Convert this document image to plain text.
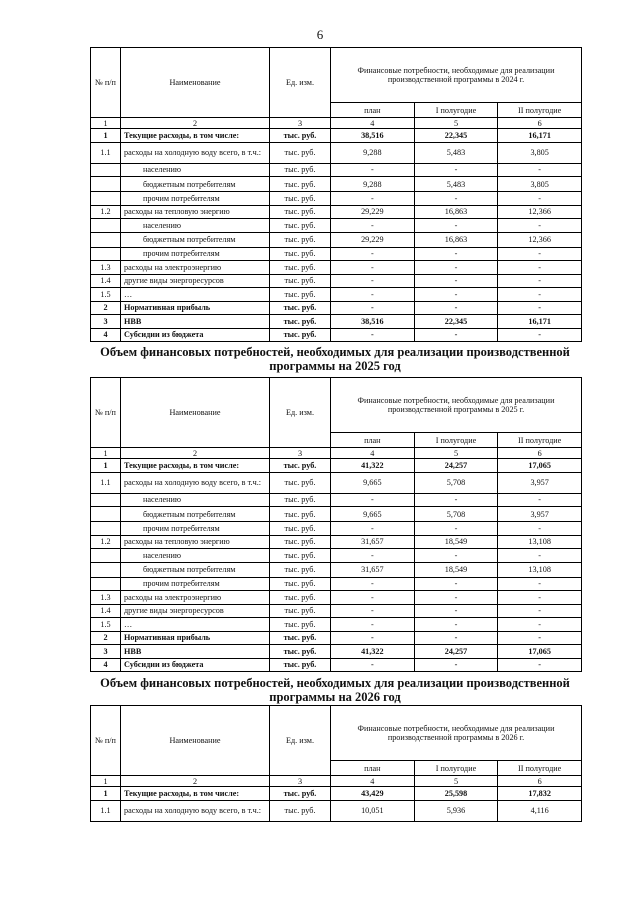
6
Объем финансовых потребностей, необходимых для реализации производственной программы на 2025 год
Объем финансовых потребностей, необходимых для реализации производственной программы на 2026 год
№ п/п	Наименование	Ед. изм.	Финансовые потребности, необходимые для реализации производственной программы в 2024 г.		
			план	I полугодие	II полугодие
1	2	3	4	5	6
1	Текущие расходы, в том числе:	тыс. руб.	38,516	22,345	16,171
1.1	расходы на холодную воду всего, в т.ч.:	тыс. руб.	9,288	5,483	3,805
	населению	тыс. руб.	-	-	-
	бюджетным потребителям	тыс. руб.	9,288	5,483	3,805
	прочим потребителям	тыс. руб.	-	-	-
1.2	расходы на тепловую энергию	тыс. руб.	29,229	16,863	12,366
	населению	тыс. руб.	-	-	-
	бюджетным потребителям	тыс. руб.	29,229	16,863	12,366
	прочим потребителям	тыс. руб.	-	-	-
1.3	расходы на электроэнергию	тыс. руб.	-	-	-
1.4	другие виды энергоресурсов	тыс. руб.	-	-	-
1.5	…	тыс. руб.	-	-	-
2	Нормативная прибыль	тыс. руб.	-	-	-
3	НВВ	тыс. руб.	38,516	22,345	16,171
4	Субсидии из бюджета	тыс. руб.	-	-	-
№ п/п	Наименование	Ед. изм.	Финансовые потребности, необходимые для реализации производственной программы в 2025 г.		
			план	I полугодие	II полугодие
1	2	3	4	5	6
1	Текущие расходы, в том числе:	тыс. руб.	41,322	24,257	17,065
1.1	расходы на холодную воду всего, в т.ч.:	тыс. руб.	9,665	5,708	3,957
	населению	тыс. руб.	-	-	-
	бюджетным потребителям	тыс. руб.	9,665	5,708	3,957
	прочим потребителям	тыс. руб.	-	-	-
1.2	расходы на тепловую энергию	тыс. руб.	31,657	18,549	13,108
	населению	тыс. руб.	-	-	-
	бюджетным потребителям	тыс. руб.	31,657	18,549	13,108
	прочим потребителям	тыс. руб.	-	-	-
1.3	расходы на электроэнергию	тыс. руб.	-	-	-
1.4	другие виды энергоресурсов	тыс. руб.	-	-	-
1.5	…	тыс. руб.	-	-	-
2	Нормативная прибыль	тыс. руб.	-	-	-
3	НВВ	тыс. руб.	41,322	24,257	17,065
4	Субсидии из бюджета	тыс. руб.	-	-	-
№ п/п	Наименование	Ед. изм.	Финансовые потребности, необходимые для реализации производственной программы в 2026 г.		
			план	I полугодие	II полугодие
1	2	3	4	5	6
1	Текущие расходы, в том числе:	тыс. руб.	43,429	25,598	17,832
1.1	расходы на холодную воду всего, в т.ч.:	тыс. руб.	10,051	5,936	4,116
